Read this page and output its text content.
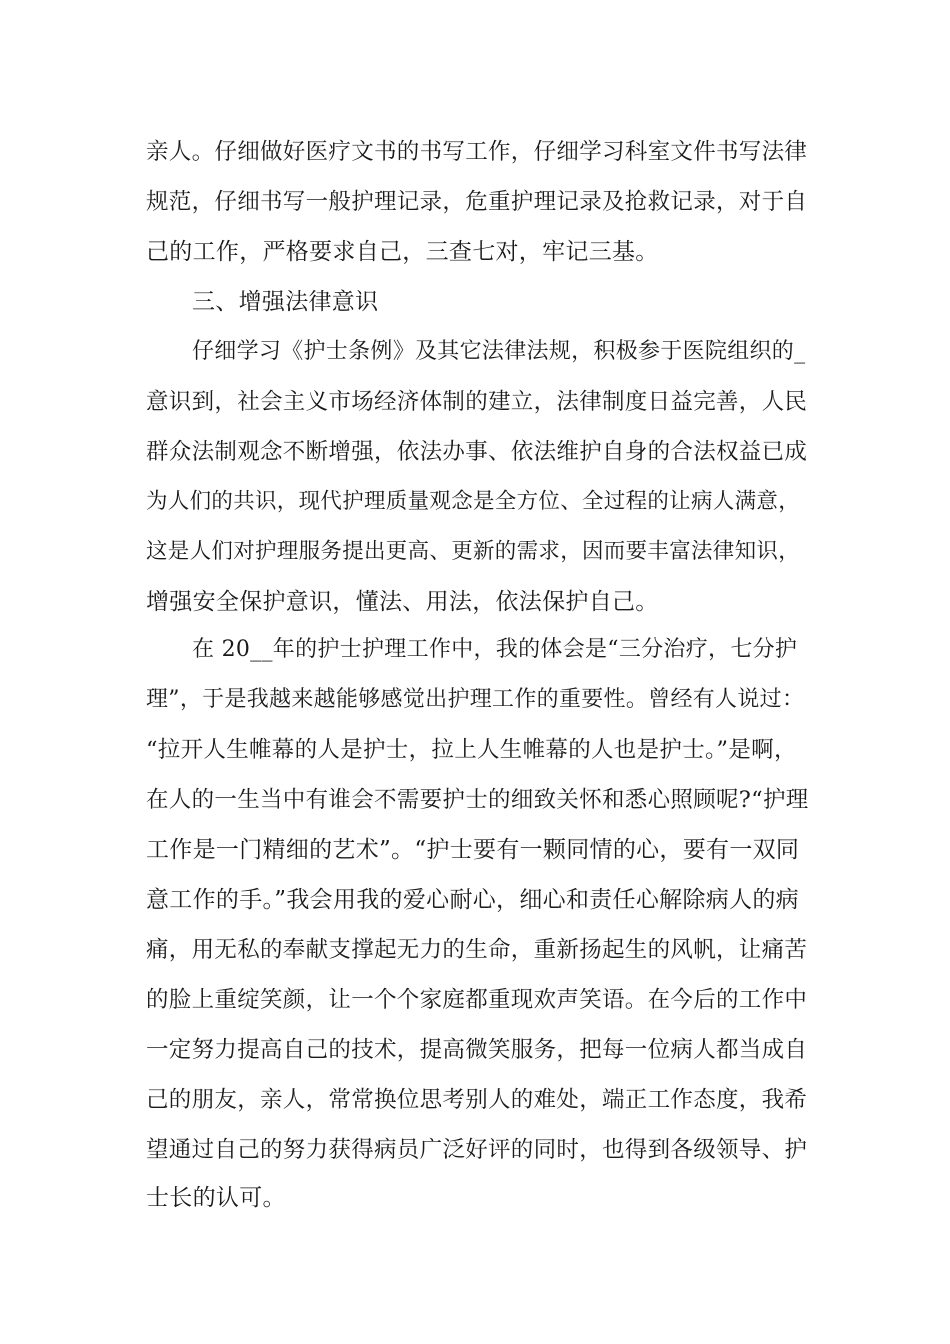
亲人。仔细做好医疗文书的书写工作，仔细学习科室文件书写法律

规范，仔细书写一般护理记录，危重护理记录及抢救记录，对于自

己的工作，严格要求自己，三查七对，牢记三基。

三、增强法律意识

仔细学习《护士条例》及其它法律法规，积极参于医院组织的_

意识到，社会主义市场经济体制的建立，法律制度日益完善，人民

群众法制观念不断增强，依法办事、依法维护自身的合法权益已成

为人们的共识，现代护理质量观念是全方位、全过程的让病人满意，

这是人们对护理服务提出更高、更新的需求，因而要丰富法律知识，

增强安全保护意识，懂法、用法，依法保护自己。

在 20__年的护士护理工作中，我的体会是“三分治疗，七分护

理”，于是我越来越能够感觉出护理工作的重要性。曾经有人说过：

“拉开人生帷幕的人是护士，拉上人生帷幕的人也是护士。”是啊，

在人的一生当中有谁会不需要护士的细致关怀和悉心照顾呢?“护理

工作是一门精细的艺术”。“护士要有一颗同情的心，要有一双同

意工作的手。”我会用我的爱心耐心，细心和责任心解除病人的病

痛，用无私的奉献支撑起无力的生命，重新扬起生的风帆，让痛苦

的脸上重绽笑颜，让一个个家庭都重现欢声笑语。在今后的工作中

一定努力提高自己的技术，提高微笑服务，把每一位病人都当成自

己的朋友，亲人，常常换位思考别人的难处，端正工作态度，我希

望通过自己的努力获得病员广泛好评的同时，也得到各级领导、护

士长的认可。
